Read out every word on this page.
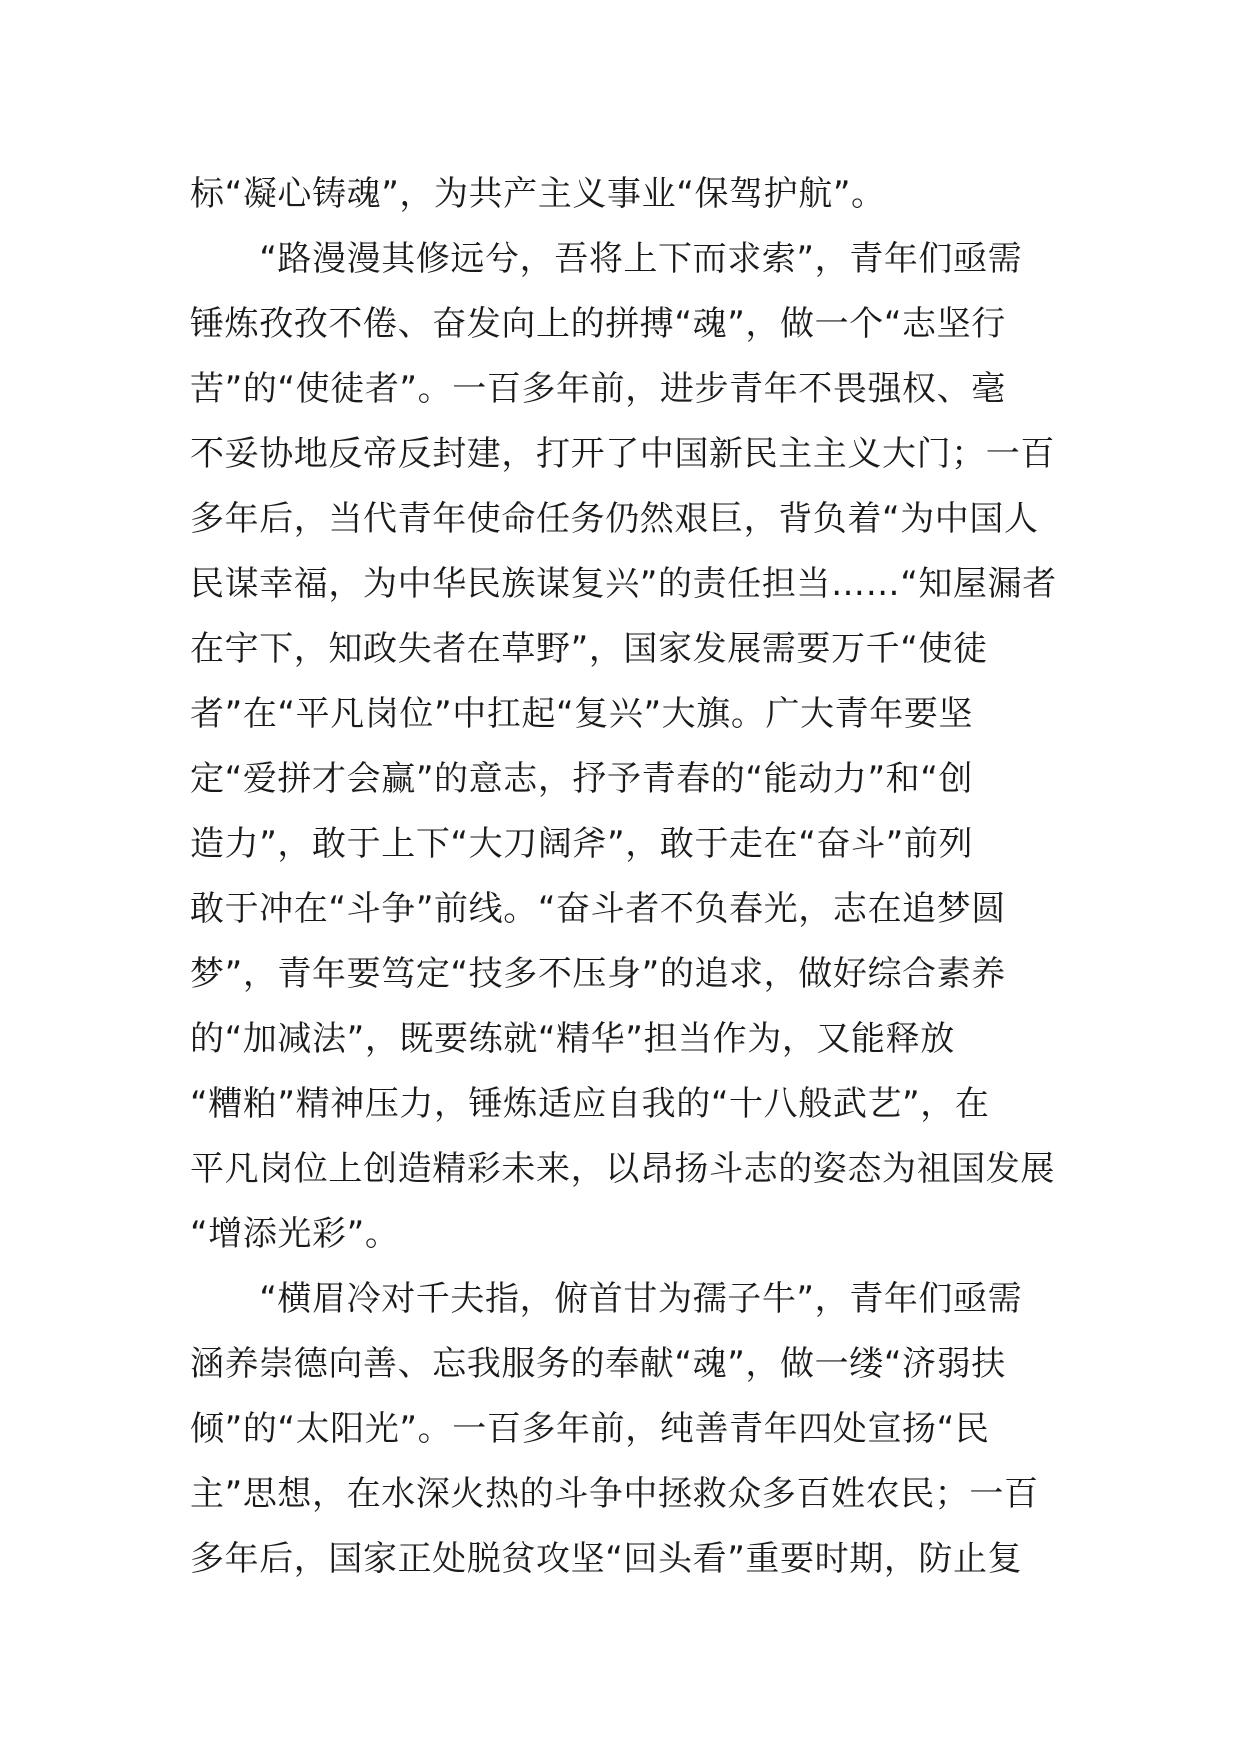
标“凝心铸魂”，为共产主义事业“保驾护航”。
　　“路漫漫其修远兮，吾将上下而求索”，青年们亟需
锤炼孜孜不倦、奋发向上的拼搏“魂”，做一个“志坚行
苦”的“使徒者”。一百多年前，进步青年不畏强权、毫
不妥协地反帝反封建，打开了中国新民主主义大门；一百
多年后，当代青年使命任务仍然艰巨，背负着“为中国人
民谋幸福，为中华民族谋复兴”的责任担当……“知屋漏者
在宇下，知政失者在草野”，国家发展需要万千“使徒
者”在“平凡岗位”中扛起“复兴”大旗。广大青年要坚
定“爱拼才会赢”的意志，抒予青春的“能动力”和“创
造力”，敢于上下“大刀阔斧”，敢于走在“奋斗”前列
敢于冲在“斗争”前线。“奋斗者不负春光，志在追梦圆
梦”，青年要笃定“技多不压身”的追求，做好综合素养
的“加减法”，既要练就“精华”担当作为，又能释放
“糟粕”精神压力，锤炼适应自我的“十八般武艺”，在
平凡岗位上创造精彩未来，以昂扬斗志的姿态为祖国发展
“增添光彩”。
　　“横眉冷对千夫指，俯首甘为孺子牛”，青年们亟需
涵养崇德向善、忘我服务的奉献“魂”，做一缕“济弱扶
倾”的“太阳光”。一百多年前，纯善青年四处宣扬“民
主”思想，在水深火热的斗争中拯救众多百姓农民；一百
多年后，国家正处脱贫攻坚“回头看”重要时期，防止复
